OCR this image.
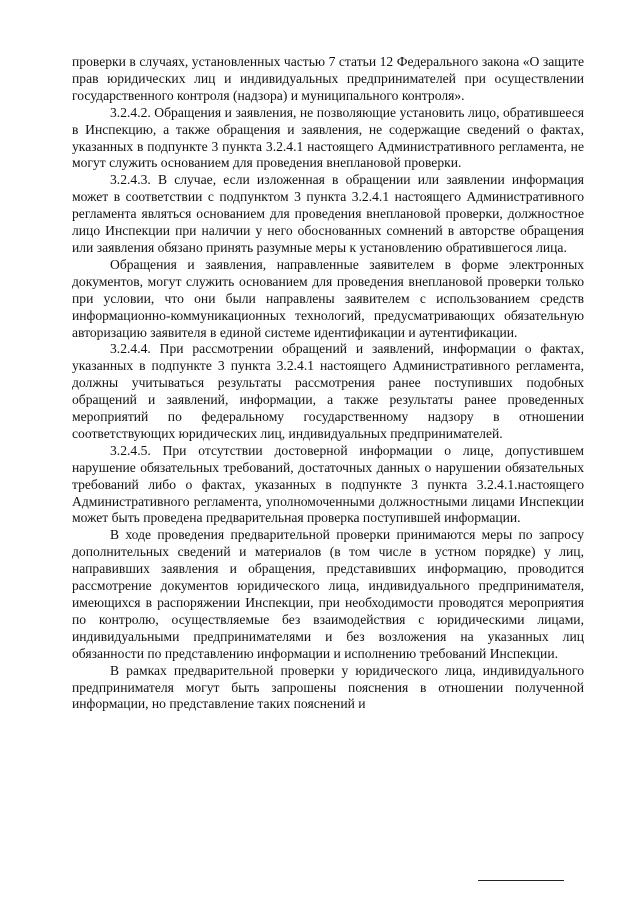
проверки в случаях, установленных частью 7 статьи 12 Федерального закона «О защите прав юридических лиц и индивидуальных предпринимателей при осуществлении государственного контроля (надзора) и муниципального контроля».

3.2.4.2. Обращения и заявления, не позволяющие установить лицо, обратившееся в Инспекцию, а также обращения и заявления, не содержащие сведений о фактах, указанных в подпункте 3 пункта 3.2.4.1 настоящего Административного регламента, не могут служить основанием для проведения внеплановой проверки.

3.2.4.3. В случае, если изложенная в обращении или заявлении информация может в соответствии с подпунктом 3 пункта 3.2.4.1 настоящего Административного регламента являться основанием для проведения внеплановой проверки, должностное лицо Инспекции при наличии у него обоснованных сомнений в авторстве обращения или заявления обязано принять разумные меры к установлению обратившегося лица.

Обращения и заявления, направленные заявителем в форме электронных документов, могут служить основанием для проведения внеплановой проверки только при условии, что они были направлены заявителем с использованием средств информационно-коммуникационных технологий, предусматривающих обязательную авторизацию заявителя в единой системе идентификации и аутентификации.

3.2.4.4. При рассмотрении обращений и заявлений, информации о фактах, указанных в подпункте 3 пункта 3.2.4.1 настоящего Административного регламента, должны учитываться результаты рассмотрения ранее поступивших подобных обращений и заявлений, информации, а также результаты ранее проведенных мероприятий по федеральному государственному надзору в отношении соответствующих юридических лиц, индивидуальных предпринимателей.

3.2.4.5. При отсутствии достоверной информации о лице, допустившем нарушение обязательных требований, достаточных данных о нарушении обязательных требований либо о фактах, указанных в подпункте 3 пункта 3.2.4.1.настоящего Административного регламента, уполномоченными должностными лицами Инспекции может быть проведена предварительная проверка поступившей информации.

В ходе проведения предварительной проверки принимаются меры по запросу дополнительных сведений и материалов (в том числе в устном порядке) у лиц, направивших заявления и обращения, представивших информацию, проводится рассмотрение документов юридического лица, индивидуального предпринимателя, имеющихся в распоряжении Инспекции, при необходимости проводятся мероприятия по контролю, осуществляемые без взаимодействия с юридическими лицами, индивидуальными предпринимателями и без возложения на указанных лиц обязанности по представлению информации и исполнению требований Инспекции.

В рамках предварительной проверки у юридического лица, индивидуального предпринимателя могут быть запрошены пояснения в отношении полученной информации, но представление таких пояснений и
